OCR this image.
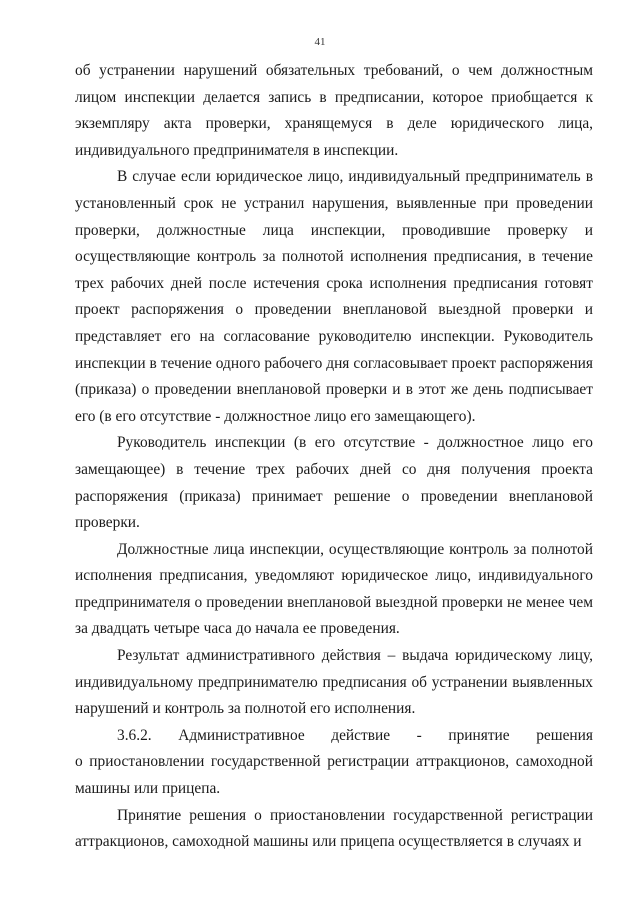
41

об устранении нарушений обязательных требований, о чем должностным лицом инспекции делается запись в предписании, которое приобщается к экземпляру акта проверки, хранящемуся в деле юридического лица, индивидуального предпринимателя в инспекции.

В случае если юридическое лицо, индивидуальный предприниматель в установленный срок не устранил нарушения, выявленные при проведении проверки, должностные лица инспекции, проводившие проверку и осуществляющие контроль за полнотой исполнения предписания, в течение трех рабочих дней после истечения срока исполнения предписания готовят проект распоряжения о проведении внеплановой выездной проверки и представляет его на согласование руководителю инспекции. Руководитель инспекции в течение одного рабочего дня согласовывает проект распоряжения (приказа) о проведении внеплановой проверки и в этот же день подписывает его (в его отсутствие - должностное лицо его замещающего).

Руководитель инспекции (в его отсутствие - должностное лицо его замещающее) в течение трех рабочих дней со дня получения проекта распоряжения (приказа) принимает решение о проведении внеплановой проверки.

Должностные лица инспекции, осуществляющие контроль за полнотой исполнения предписания, уведомляют юридическое лицо, индивидуального предпринимателя о проведении внеплановой выездной проверки не менее чем за двадцать четыре часа до начала ее проведения.

Результат административного действия – выдача юридическому лицу, индивидуальному предпринимателю предписания об устранении выявленных нарушений и контроль за полнотой его исполнения.

3.6.2. Административное действие - принятие решения

о приостановлении государственной регистрации аттракционов, самоходной машины или прицепа.

Принятие решения о приостановлении государственной регистрации аттракционов, самоходной машины или прицепа осуществляется в случаях и
